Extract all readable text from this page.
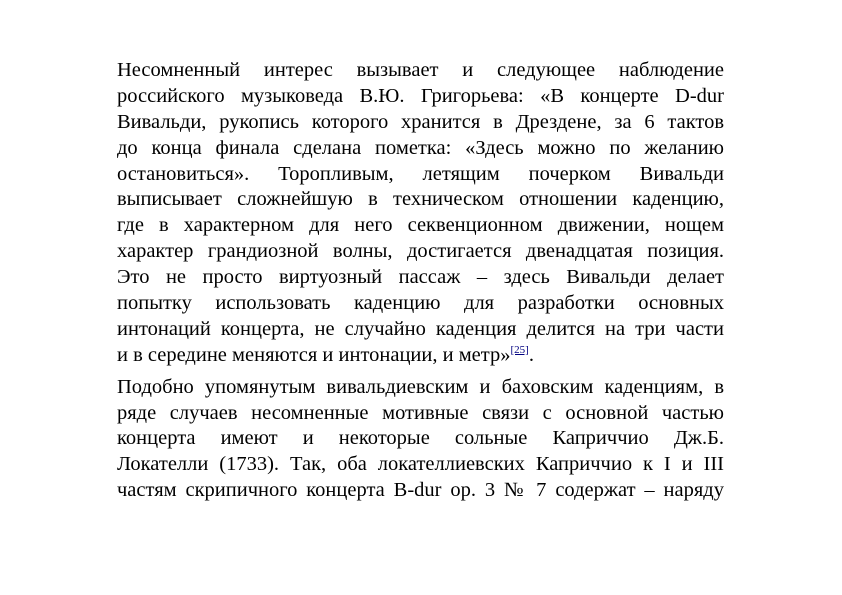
Несомненный интерес вызывает и следующее наблюдение
российского музыковеда В.Ю. Григорьева: «В концерте D-dur
Вивальди, рукопись которого хранится в Дрездене, за 6 тактов
до конца финала сделана пометка: «Здесь можно по желанию
остановиться». Торопливым, летящим почерком Вивальди
выписывает сложнейшую в техническом отношении каденцию,
где в характерном для него секвенционном движении, нощем
характер грандиозной волны, достигается двенадцатая позиция.
Это не просто виртуозный пассаж – здесь Вивальди делает
попытку использовать каденцию для разработки основных
интонаций концерта, не случайно каденция делится на три части
и в середине меняются и интонации, и метр»[25].
Подобно упомянутым вивальдиевским и баховским каденциям, в
ряде случаев несомненные мотивные связи с основной частью
концерта имеют и некоторые сольные Каприччио Дж.Б.
Локателли (1733). Так, оба локателлиевских Каприччио к I и III
частям скрипичного концерта B-dur op. 3 № 7 содержат – наряду
